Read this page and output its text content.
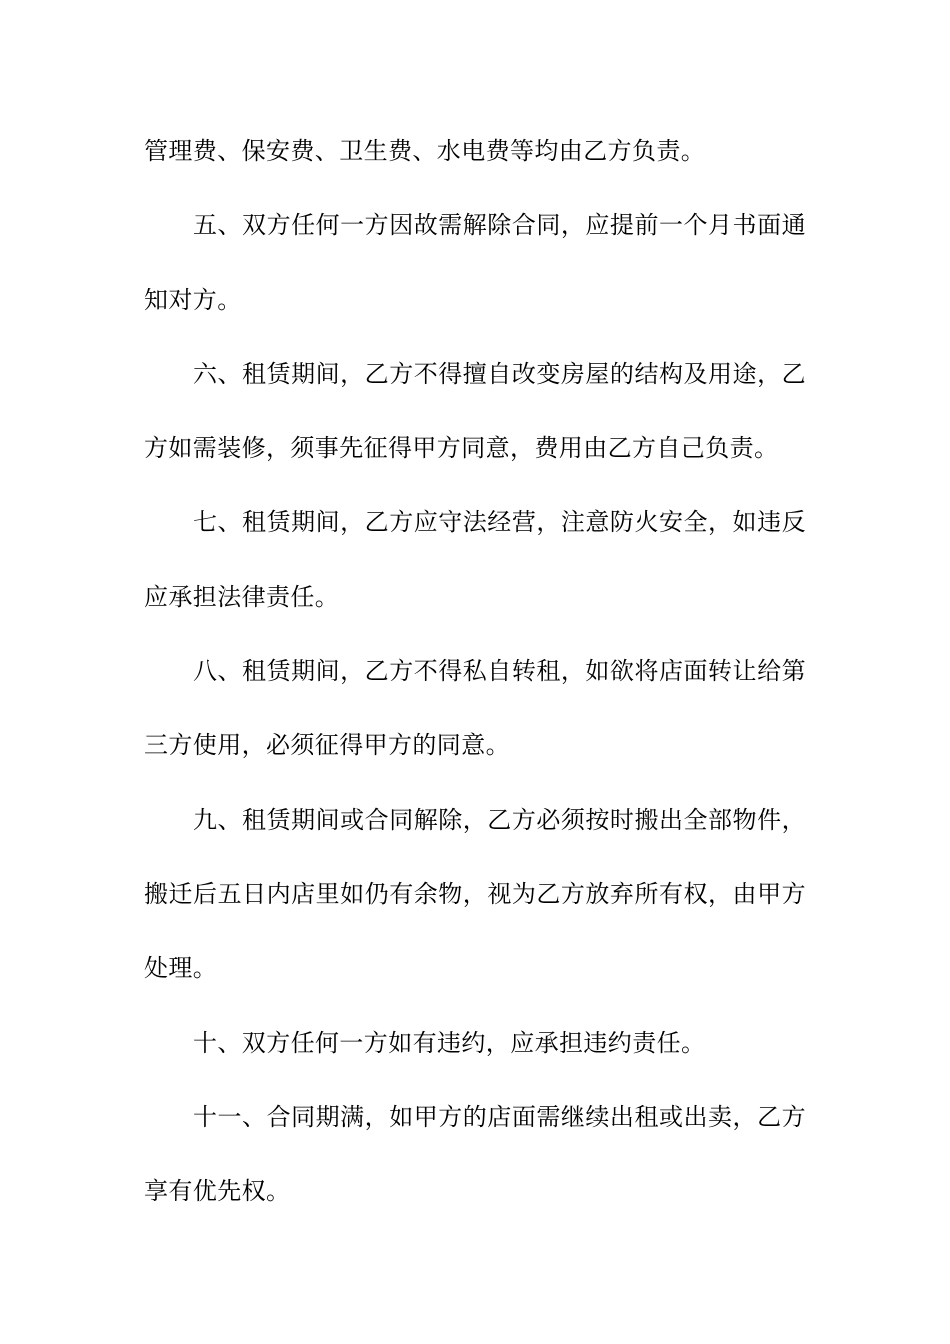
管理费、保安费、卫生费、水电费等均由乙方负责。

五、双方任何一方因故需解除合同，应提前一个月书面通知对方。

六、租赁期间，乙方不得擅自改变房屋的结构及用途，乙方如需装修，须事先征得甲方同意，费用由乙方自己负责。

七、租赁期间，乙方应守法经营，注意防火安全，如违反应承担法律责任。

八、租赁期间，乙方不得私自转租，如欲将店面转让给第三方使用，必须征得甲方的同意。

九、租赁期间或合同解除，乙方必须按时搬出全部物件，搬迁后五日内店里如仍有余物，视为乙方放弃所有权，由甲方处理。

十、双方任何一方如有违约，应承担违约责任。

十一、合同期满，如甲方的店面需继续出租或出卖，乙方享有优先权。
